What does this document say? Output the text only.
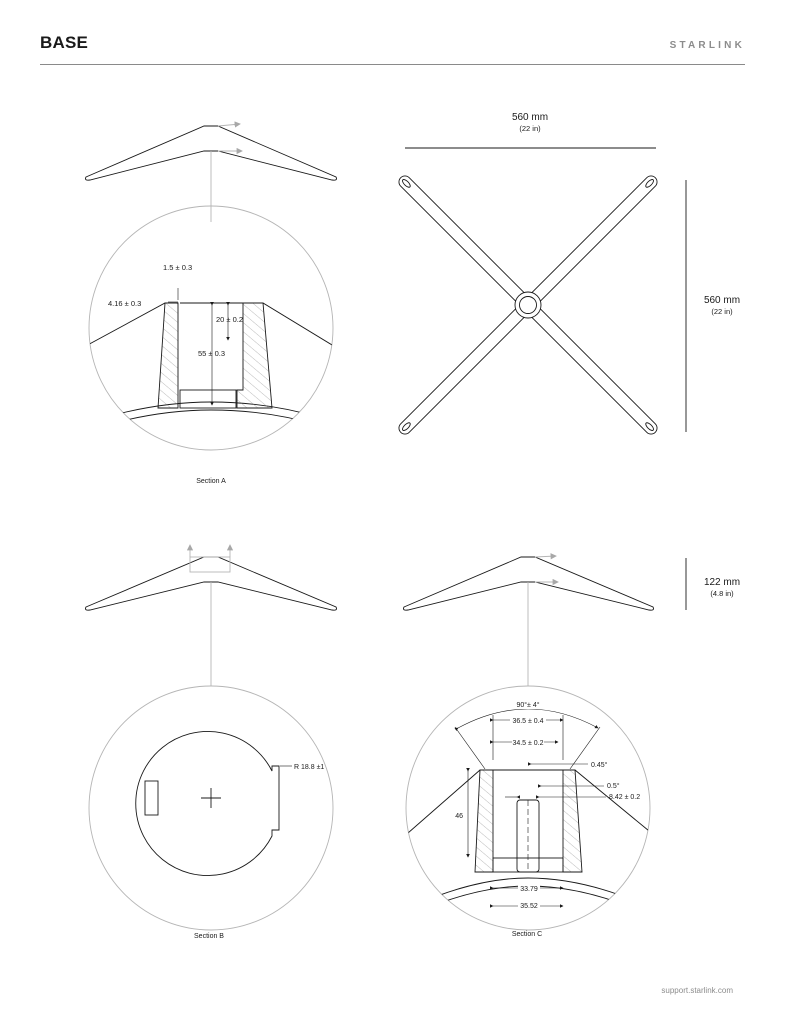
BASE	STARLINK
1.5 ± 0.3
4.16 ± 0.3
20 ± 0.2
55 ± 0.3
Section A
560 mm
(22 in)
560 mm
(22 in)
R 18.8 ±1
Section B
122 mm
(4.8 in)
90°± 4°
36.5 ± 0.4
34.5 ± 0.2
0.45°
0.5°
8.42 ± 0.2
46
33.79
35.52
Section C
support.starlink.com
